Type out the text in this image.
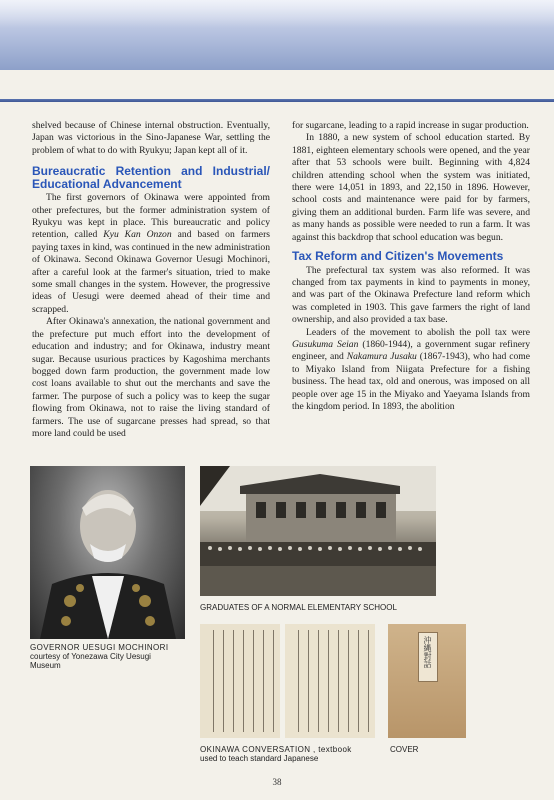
shelved because of Chinese internal obstruction. Eventually, Japan was victorious in the Sino-Japanese War, settling the problem of what to do with Ryukyu; Japan kept all of it.

Bureaucratic Retention and Industrial/ Educational Advancement

The first governors of Okinawa were appointed from other prefectures, but the former administration system of Ryukyu was kept in place. This bureaucratic and policy retention, called Kyu Kan Onzon and based on farmers paying taxes in kind, was continued in the new administration of Okinawa. Second Okinawa Governor Uesugi Mochinori, after a careful look at the farmer's situation, tried to make some small changes in the system. However, the progressive ideas of Uesugi were deemed ahead of their time and scrapped.

After Okinawa's annexation, the national government and the prefecture put much effort into the development of education and industry; and for Okinawa, industry meant sugar. Because usurious practices by Kagoshima merchants bogged down farm production, the government made low cost loans available to shut out the merchants and save the farmer. The purpose of such a policy was to keep the sugar flowing from Okinawa, not to raise the living standard of farmers. The use of sugarcane presses had spread, so that more land could be used

for sugarcane, leading to a rapid increase in sugar production.

In 1880, a new system of school education started. By 1881, eighteen elementary schools were opened, and the year after that 53 schools were built. Beginning with 4,824 children attending school when the system was initiated, there were 14,051 in 1893, and 22,150 in 1896. However, school costs and maintenance were paid for by farmers, giving them an additional burden. Farm life was severe, and as many hands as possible were needed to run a farm. It was against this backdrop that school education was begun.

Tax Reform and Citizen's Movements

The prefectural tax system was also reformed. It was changed from tax payments in kind to payments in money, and was part of the Okinawa Prefecture land reform which was completed in 1903. This gave farmers the right of land ownership, and also provided a tax base.

Leaders of the movement to abolish the poll tax were Gusukuma Seian (1860-1944), a government sugar refinery engineer, and Nakamura Jusaku (1867-1943), who had come to Miyako Island from Niigata Prefecture for a fishing business. The head tax, old and onerous, was imposed on all people over age 15 in the Miyako and Yaeyama Islands from the kingdom period. In 1893, the abolition

沖縄對話
GOVERNOR UESUGI MOCHINORI
courtesy of Yonezawa City Uesugi
Museum
GRADUATES OF A NORMAL ELEMENTARY SCHOOL
OKINAWA CONVERSATION , textbook
used to teach standard Japanese
COVER
38
